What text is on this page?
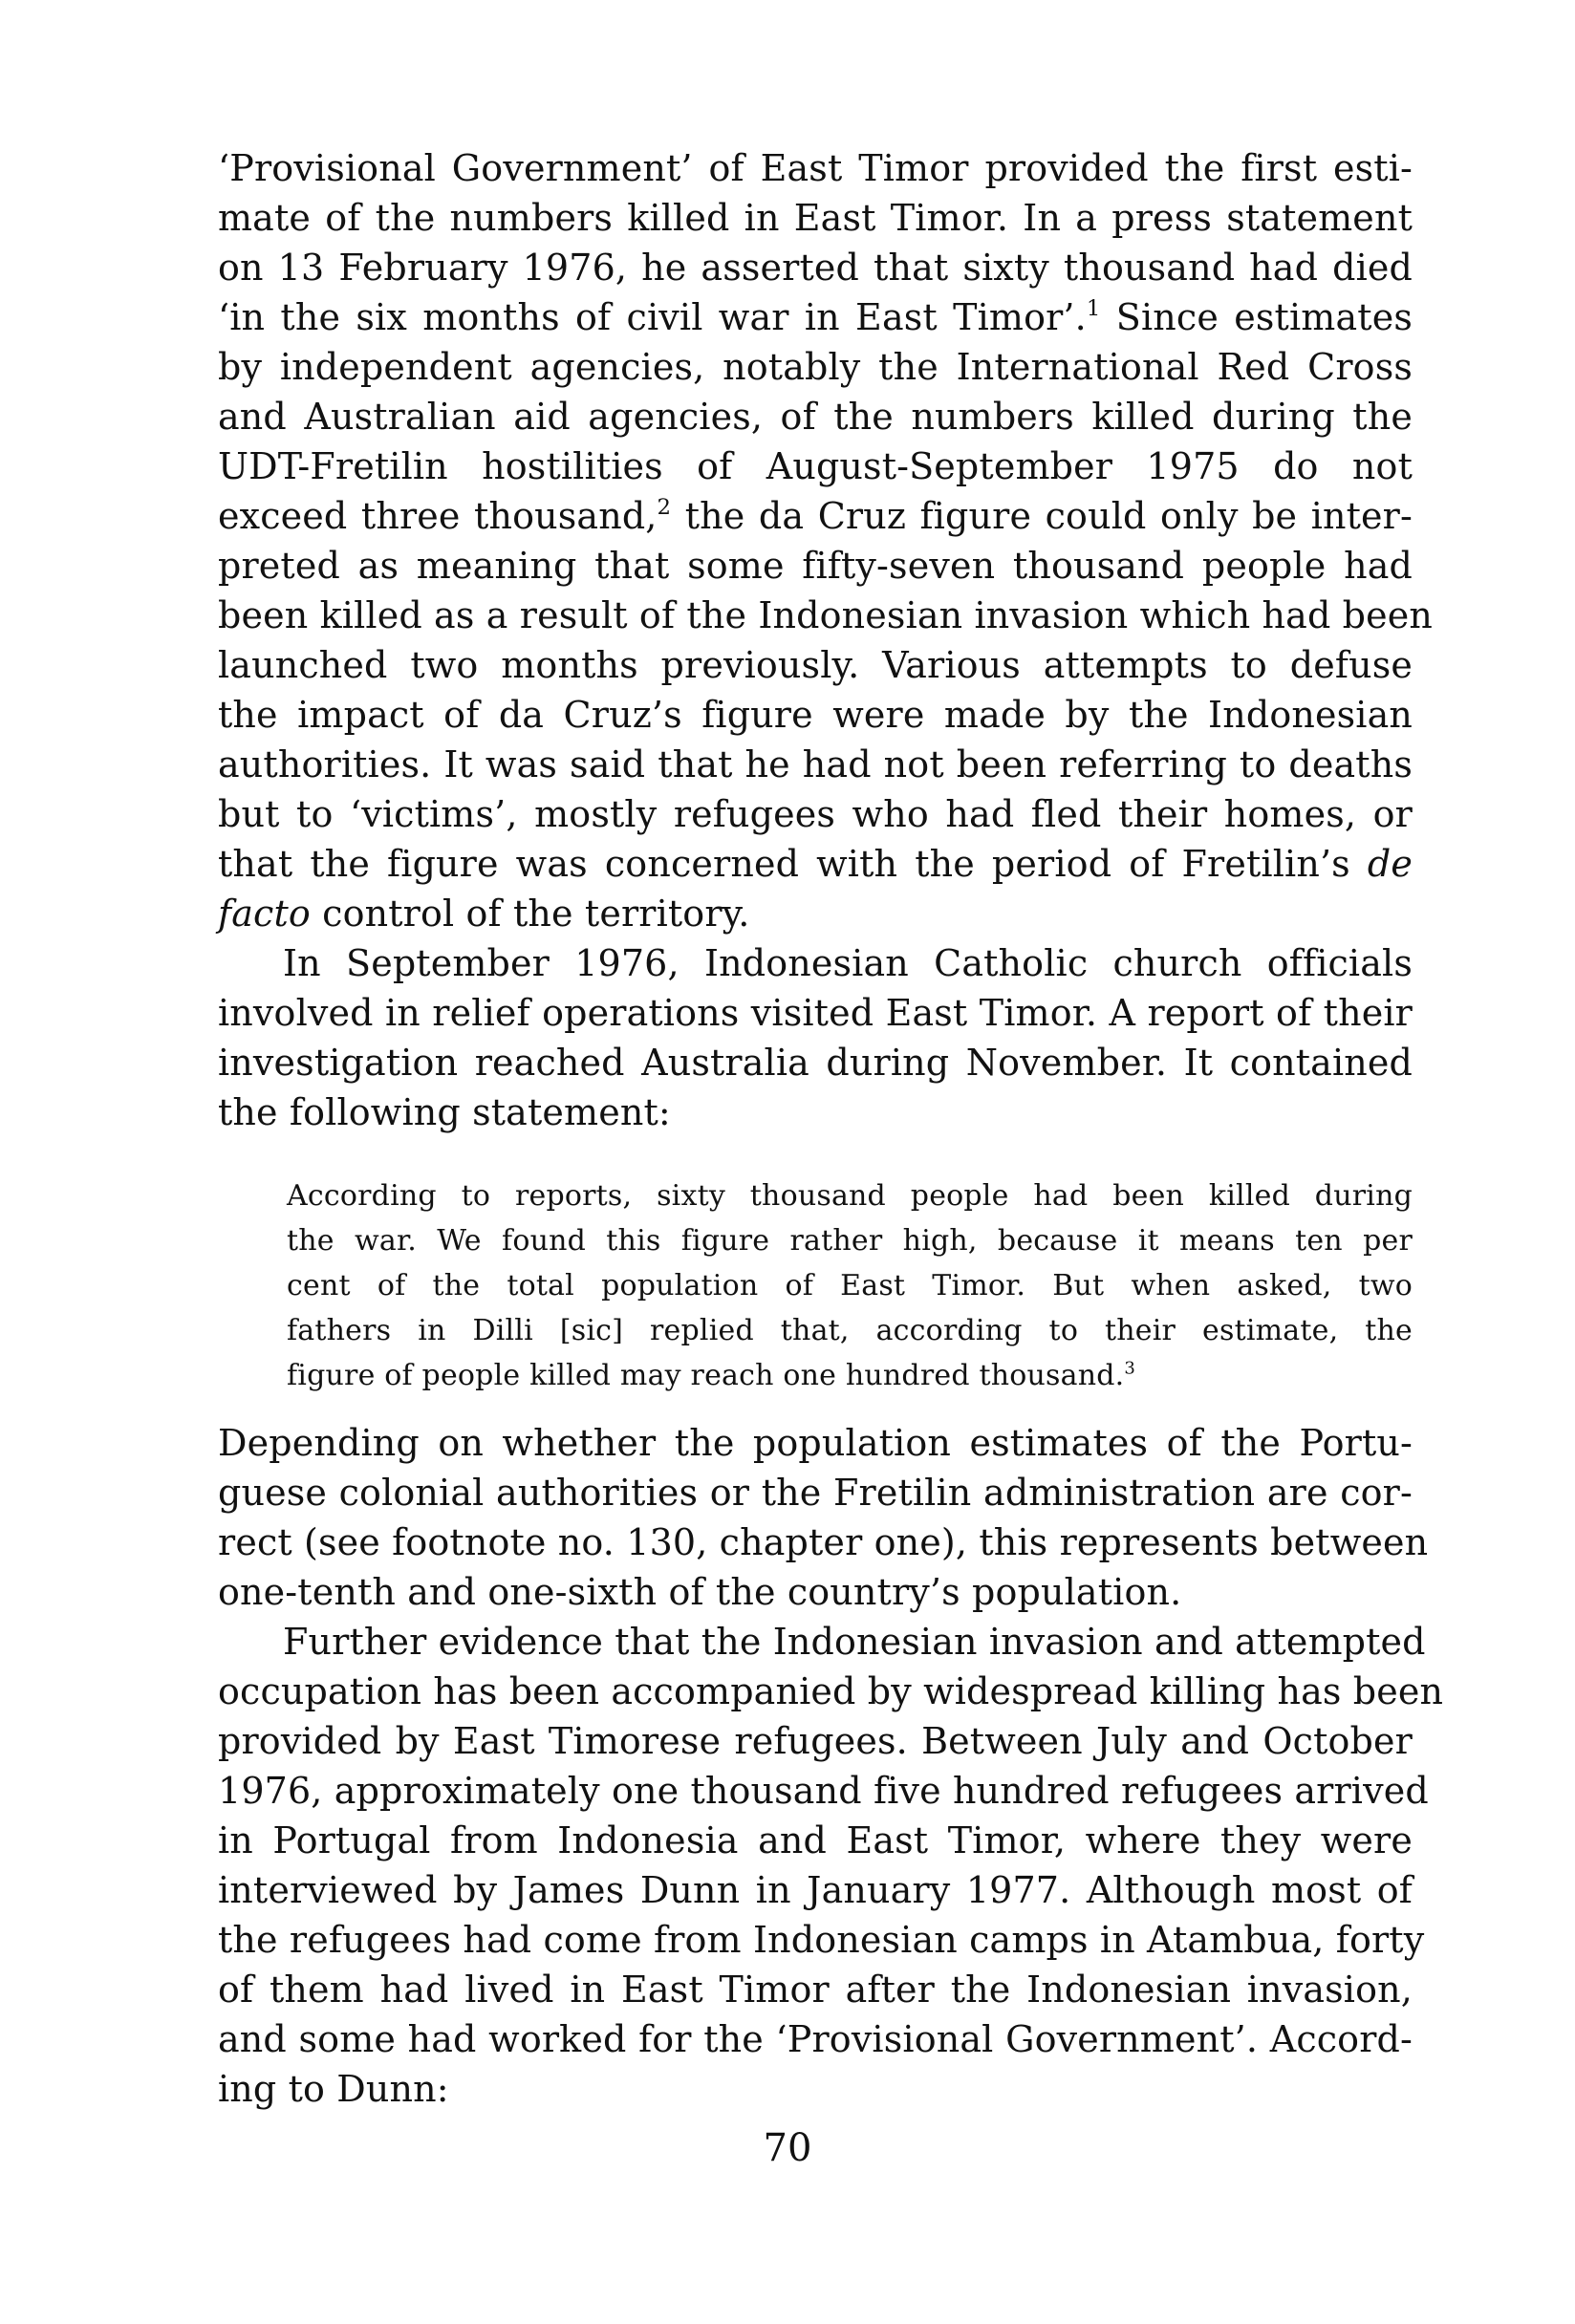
‘Provisional Government’ of East Timor provided the first esti-
mate of the numbers killed in East Timor. In a press statement
on 13 February 1976, he asserted that sixty thousand had died
‘in the six months of civil war in East Timor’.$^1$ Since estimates
by independent agencies, notably the International Red Cross
and Australian aid agencies, of the numbers killed during the
UDT-Fretilin hostilities of August-September 1975 do not
exceed three thousand,$^2$ the da Cruz figure could only be inter-
preted as meaning that some fifty-seven thousand people had
been killed as a result of the Indonesian invasion which had been
launched two months previously. Various attempts to defuse
the impact of da Cruz’s figure were made by the Indonesian
authorities. It was said that he had not been referring to deaths
but to ‘victims’, mostly refugees who had fled their homes, or
that the figure was concerned with the period of Fretilin’s de
facto control of the territory.
In September 1976, Indonesian Catholic church officials
involved in relief operations visited East Timor. A report of their
investigation reached Australia during November. It contained
the following statement:
According to reports, sixty thousand people had been killed during
the war. We found this figure rather high, because it means ten per
cent of the total population of East Timor. But when asked, two
fathers in Dilli [sic] replied that, according to their estimate, the
figure of people killed may reach one hundred thousand.$^3$
Depending on whether the population estimates of the Portu-
guese colonial authorities or the Fretilin administration are cor-
rect (see footnote no. 130, chapter one), this represents between
one-tenth and one-sixth of the country’s population.
Further evidence that the Indonesian invasion and attempted
occupation has been accompanied by widespread killing has been
provided by East Timorese refugees. Between July and October
1976, approximately one thousand five hundred refugees arrived
in Portugal from Indonesia and East Timor, where they were
interviewed by James Dunn in January 1977. Although most of
the refugees had come from Indonesian camps in Atambua, forty
of them had lived in East Timor after the Indonesian invasion,
and some had worked for the ‘Provisional Government’. Accord-
ing to Dunn:
70
